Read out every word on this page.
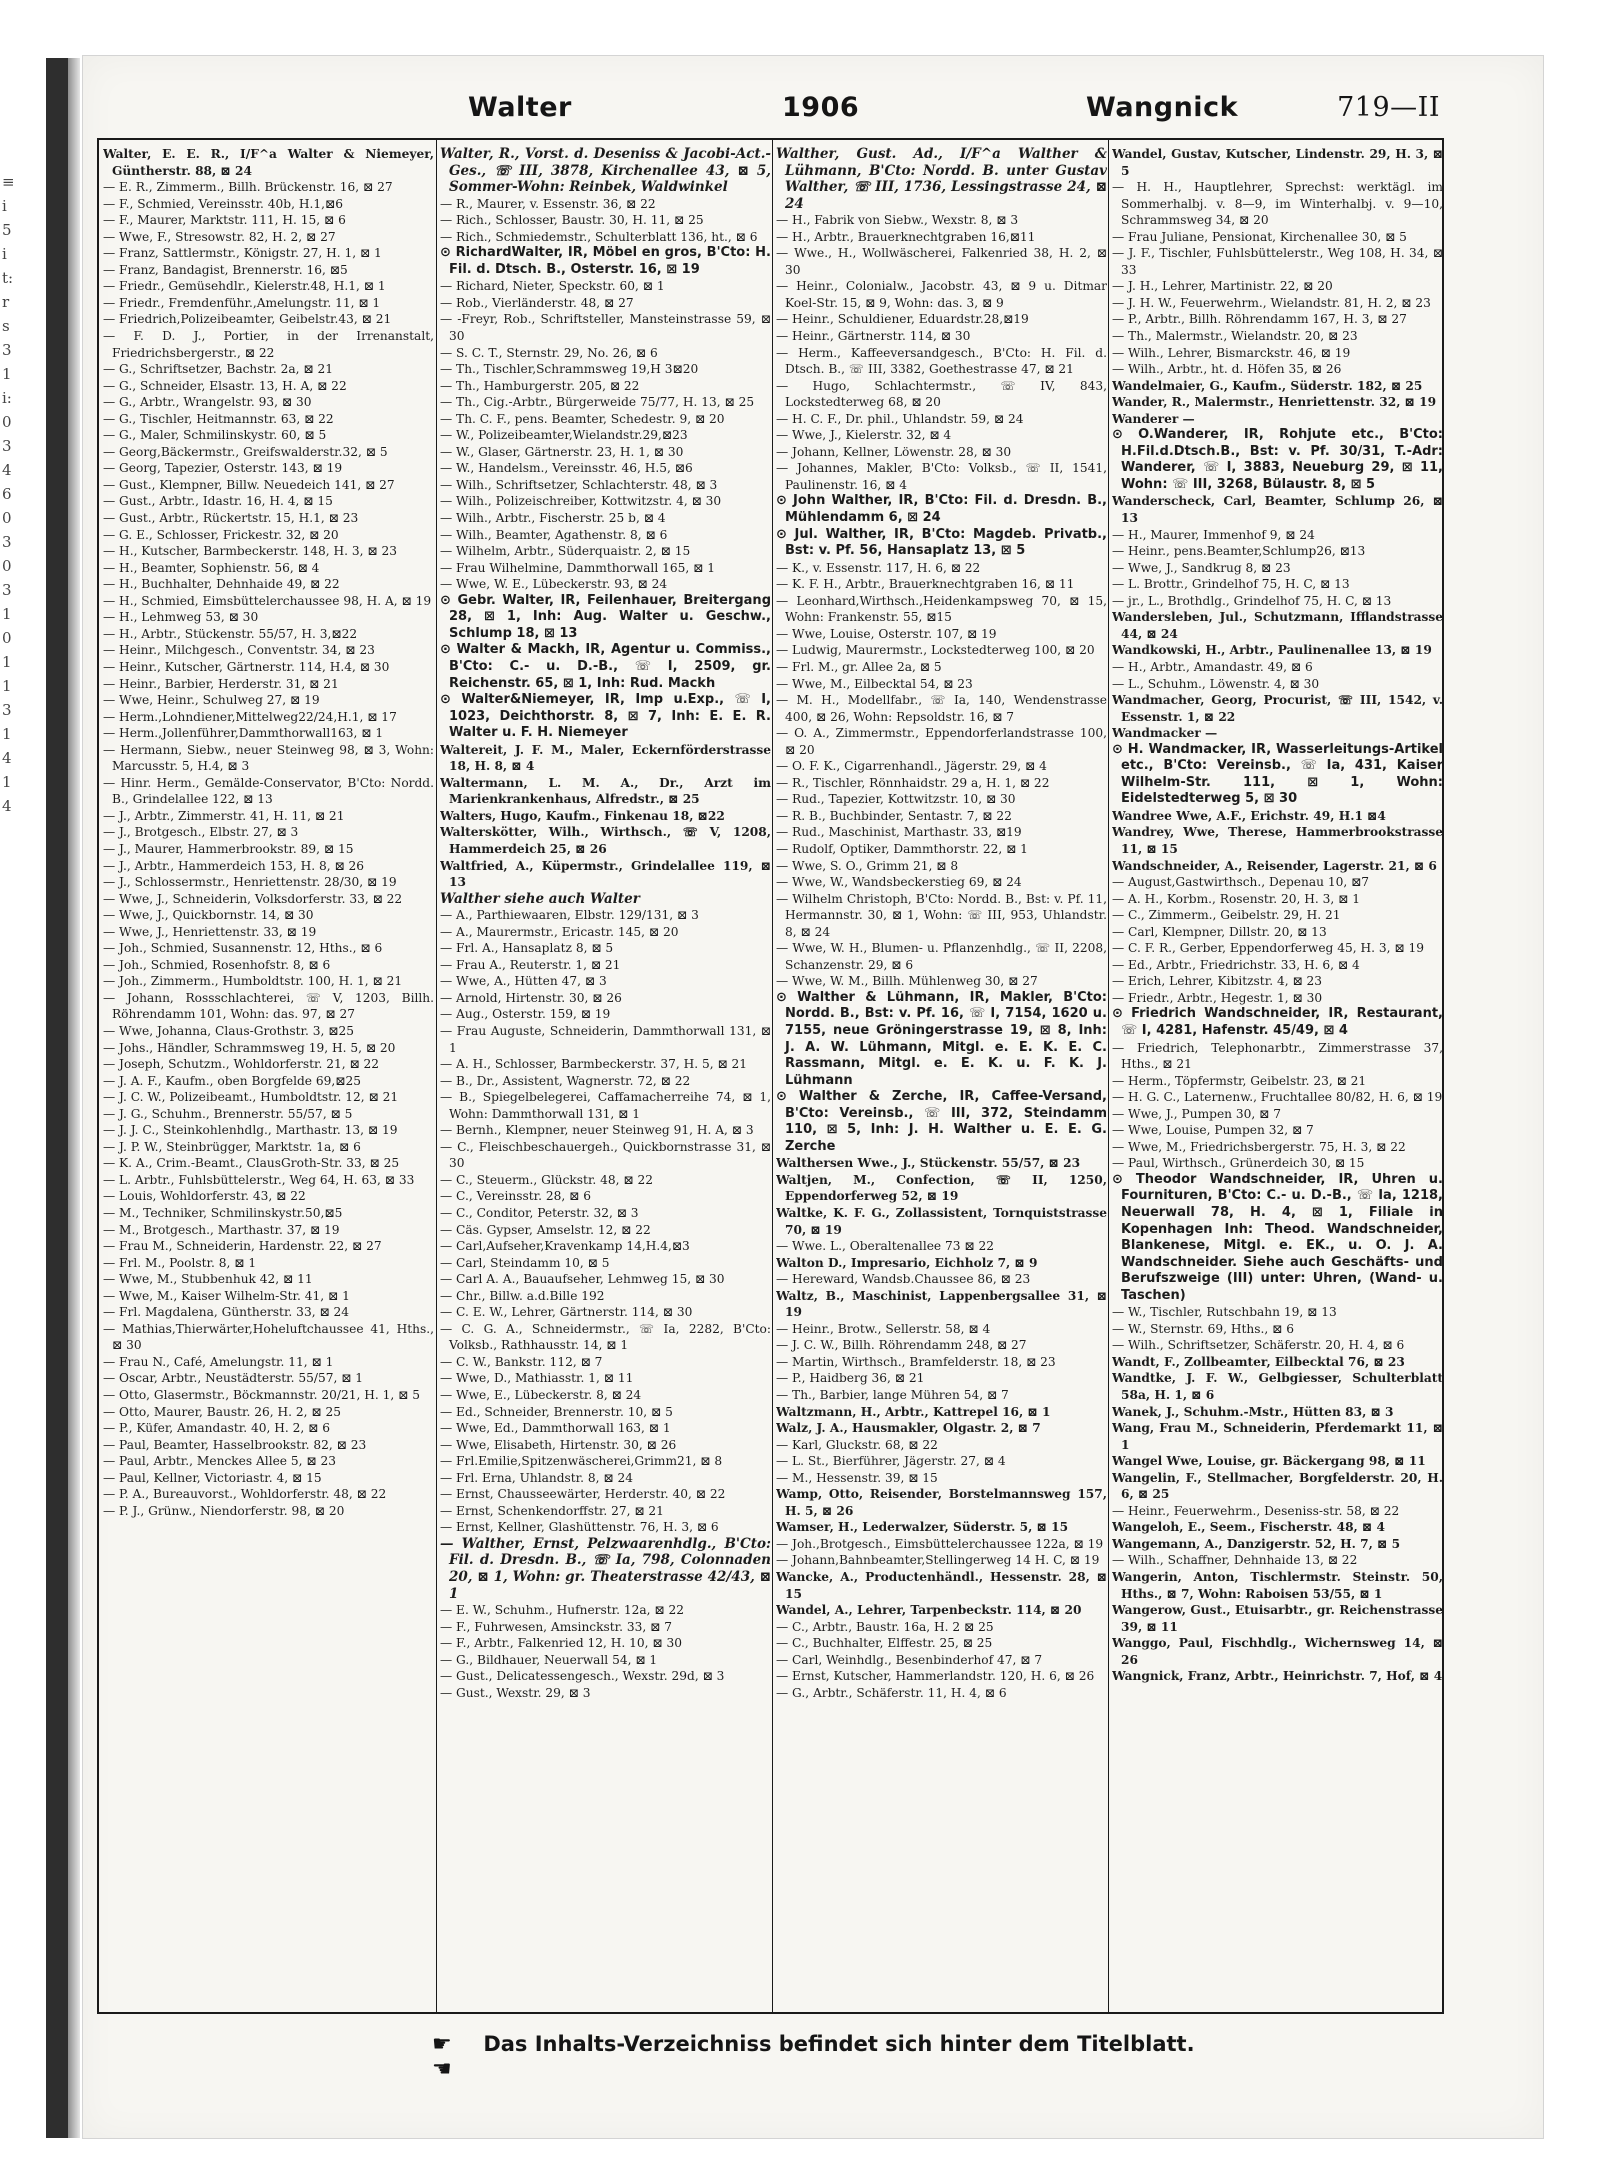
≡
i
5
i
t:
r
s
3
1
i:
0
3
4
6
0
3
0
3
1
0
1
1
3
1
4
1
4
Walter	1906	Wangnick	719—II

Walter, E. E. R., I/F^a Walter & Niemeyer, Güntherstr. 88, ⊠ 24

— E. R., Zimmerm., Billh. Brückenstr. 16, ⊠ 27

— F., Schmied, Vereinsstr. 40b, H.1,⊠6

— F., Maurer, Marktstr. 111, H. 15, ⊠ 6

— Wwe, F., Stresowstr. 82, H. 2, ⊠ 27

— Franz, Sattlermstr., Königstr. 27, H. 1, ⊠ 1

— Franz, Bandagist, Brennerstr. 16, ⊠5

— Friedr., Gemüsehdlr., Kielerstr.48, H.1, ⊠ 1

— Friedr., Fremdenführ.,Amelungstr. 11, ⊠ 1

— Friedrich,Polizeibeamter, Geibelstr.43, ⊠ 21

— F. D. J., Portier, in der Irrenanstalt, Friedrichsbergerstr., ⊠ 22

— G., Schriftsetzer, Bachstr. 2a, ⊠ 21

— G., Schneider, Elsastr. 13, H. A, ⊠ 22

— G., Arbtr., Wrangelstr. 93, ⊠ 30

— G., Tischler, Heitmannstr. 63, ⊠ 22

— G., Maler, Schmilinskystr. 60, ⊠ 5

— Georg,Bäckermstr., Greifswalderstr.32, ⊠ 5

— Georg, Tapezier, Osterstr. 143, ⊠ 19

— Gust., Klempner, Billw. Neuedeich 141, ⊠ 27

— Gust., Arbtr., Idastr. 16, H. 4, ⊠ 15

— Gust., Arbtr., Rückertstr. 15, H.1, ⊠ 23

— G. E., Schlosser, Frickestr. 32, ⊠ 20

— H., Kutscher, Barmbeckerstr. 148, H. 3, ⊠ 23

— H., Beamter, Sophienstr. 56, ⊠ 4

— H., Buchhalter, Dehnhaide 49, ⊠ 22

— H., Schmied, Eimsbüttelerchaussee 98, H. A, ⊠ 19

— H., Lehmweg 53, ⊠ 30

— H., Arbtr., Stückenstr. 55/57, H. 3,⊠22

— Heinr., Milchgesch., Conventstr. 34, ⊠ 23

— Heinr., Kutscher, Gärtnerstr. 114, H.4, ⊠ 30

— Heinr., Barbier, Herderstr. 31, ⊠ 21

— Wwe, Heinr., Schulweg 27, ⊠ 19

— Herm.,Lohndiener,Mittelweg22/24,H.1, ⊠ 17

— Herm.,Jollenführer,Dammthorwall163, ⊠ 1

— Hermann, Siebw., neuer Steinweg 98, ⊠ 3, Wohn: Marcusstr. 5, H.4, ⊠ 3

— Hinr. Herm., Gemälde-Conservator, B'Cto: Nordd. B., Grindelallee 122, ⊠ 13

— J., Arbtr., Zimmerstr. 41, H. 11, ⊠ 21

— J., Brotgesch., Elbstr. 27, ⊠ 3

— J., Maurer, Hammerbrookstr. 89, ⊠ 15

— J., Arbtr., Hammerdeich 153, H. 8, ⊠ 26

— J., Schlossermstr., Henriettenstr. 28/30, ⊠ 19

— Wwe, J., Schneiderin, Volksdorferstr. 33, ⊠ 22

— Wwe, J., Quickbornstr. 14, ⊠ 30

— Wwe, J., Henriettenstr. 33, ⊠ 19

— Joh., Schmied, Susannenstr. 12, Hths., ⊠ 6

— Joh., Schmied, Rosenhofstr. 8, ⊠ 6

— Joh., Zimmerm., Humboldtstr. 100, H. 1, ⊠ 21

— Johann, Rossschlachterei, ☏ V, 1203, Billh. Röhrendamm 101, Wohn: das. 97, ⊠ 27

— Wwe, Johanna, Claus-Grothstr. 3, ⊠25

— Johs., Händler, Schrammsweg 19, H. 5, ⊠ 20

— Joseph, Schutzm., Wohldorferstr. 21, ⊠ 22

— J. A. F., Kaufm., oben Borgfelde 69,⊠25

— J. C. W., Polizeibeamt., Humboldtstr. 12, ⊠ 21

— J. G., Schuhm., Brennerstr. 55/57, ⊠ 5

— J. J. C., Steinkohlenhdlg., Marthastr. 13, ⊠ 19

— J. P. W., Steinbrügger, Marktstr. 1a, ⊠ 6

— K. A., Crim.-Beamt., ClausGroth-Str. 33, ⊠ 25

— L. Arbtr., Fuhlsbüttelerstr., Weg 64, H. 63, ⊠ 33

— Louis, Wohldorferstr. 43, ⊠ 22

— M., Techniker, Schmilinskystr.50,⊠5

— M., Brotgesch., Marthastr. 37, ⊠ 19

— Frau M., Schneiderin, Hardenstr. 22, ⊠ 27

— Frl. M., Poolstr. 8, ⊠ 1

— Wwe, M., Stubbenhuk 42, ⊠ 11

— Wwe, M., Kaiser Wilhelm-Str. 41, ⊠ 1

— Frl. Magdalena, Güntherstr. 33, ⊠ 24

— Mathias,Thierwärter,Hoheluftchaussee 41, Hths., ⊠ 30

— Frau N., Café, Amelungstr. 11, ⊠ 1

— Oscar, Arbtr., Neustädterstr. 55/57, ⊠ 1

— Otto, Glasermstr., Böckmannstr. 20/21, H. 1, ⊠ 5

— Otto, Maurer, Baustr. 26, H. 2, ⊠ 25

— P., Küfer, Amandastr. 40, H. 2, ⊠ 6

— Paul, Beamter, Hasselbrookstr. 82, ⊠ 23

— Paul, Arbtr., Menckes Allee 5, ⊠ 23

— Paul, Kellner, Victoriastr. 4, ⊠ 15

— P. A., Bureauvorst., Wohldorferstr. 48, ⊠ 22

— P. J., Grünw., Niendorferstr. 98, ⊠ 20

Walter, R., Vorst. d. Deseniss & Jacobi-Act.-Ges., ☏ III, 3878, Kirchenallee 43, ⊠ 5, Sommer-Wohn: Reinbek, Waldwinkel

— R., Maurer, v. Essenstr. 36, ⊠ 22

— Rich., Schlosser, Baustr. 30, H. 11, ⊠ 25

— Rich., Schmiedemstr., Schulterblatt 136, ht., ⊠ 6

⊙ RichardWalter, IR, Möbel en gros, B'Cto: H. Fil. d. Dtsch. B., Osterstr. 16, ⊠ 19

— Richard, Nieter, Speckstr. 60, ⊠ 1

— Rob., Vierländerstr. 48, ⊠ 27

— -Freyr, Rob., Schriftsteller, Mansteinstrasse 59, ⊠ 30

— S. C. T., Sternstr. 29, No. 26, ⊠ 6

— Th., Tischler,Schrammsweg 19,H 3⊠20

— Th., Hamburgerstr. 205, ⊠ 22

— Th., Cig.-Arbtr., Bürgerweide 75/77, H. 13, ⊠ 25

— Th. C. F., pens. Beamter, Schedestr. 9, ⊠ 20

— W., Polizeibeamter,Wielandstr.29,⊠23

— W., Glaser, Gärtnerstr. 23, H. 1, ⊠ 30

— W., Handelsm., Vereinsstr. 46, H.5, ⊠6

— Wilh., Schriftsetzer, Schlachterstr. 48, ⊠ 3

— Wilh., Polizeischreiber, Kottwitzstr. 4, ⊠ 30

— Wilh., Arbtr., Fischerstr. 25 b, ⊠ 4

— Wilh., Beamter, Agathenstr. 8, ⊠ 6

— Wilhelm, Arbtr., Süderquaistr. 2, ⊠ 15

— Frau Wilhelmine, Dammthorwall 165, ⊠ 1

— Wwe, W. E., Lübeckerstr. 93, ⊠ 24

⊙ Gebr. Walter, IR, Feilenhauer, Breitergang 28, ⊠ 1, Inh: Aug. Walter u. Geschw., Schlump 18, ⊠ 13

⊙ Walter & Mackh, IR, Agentur u. Commiss., B'Cto: C.- u. D.-B., ☏ I, 2509, gr. Reichenstr. 65, ⊠ 1, Inh: Rud. Mackh

⊙ Walter&Niemeyer, IR, Imp u.Exp., ☏ I, 1023, Deichthorstr. 8, ⊠ 7, Inh: E. E. R. Walter u. F. H. Niemeyer

Waltereit, J. F. M., Maler, Eckernförderstrasse 18, H. 8, ⊠ 4

Waltermann, L. M. A., Dr., Arzt im Marienkrankenhaus, Alfredstr., ⊠ 25

Walters, Hugo, Kaufm., Finkenau 18, ⊠22

Walterskötter, Wilh., Wirthsch., ☏ V, 1208, Hammerdeich 25, ⊠ 26

Waltfried, A., Küpermstr., Grindelallee 119, ⊠ 13

Walther siehe auch Walter

— A., Parthiewaaren, Elbstr. 129/131, ⊠ 3

— A., Maurermstr., Ericastr. 145, ⊠ 20

— Frl. A., Hansaplatz 8, ⊠ 5

— Frau A., Reuterstr. 1, ⊠ 21

— Wwe, A., Hütten 47, ⊠ 3

— Arnold, Hirtenstr. 30, ⊠ 26

— Aug., Osterstr. 159, ⊠ 19

— Frau Auguste, Schneiderin, Dammthorwall 131, ⊠ 1

— A. H., Schlosser, Barmbeckerstr. 37, H. 5, ⊠ 21

— B., Dr., Assistent, Wagnerstr. 72, ⊠ 22

— B., Spiegelbelegerei, Caffamacherreihe 74, ⊠ 1, Wohn: Dammthorwall 131, ⊠ 1

— Bernh., Klempner, neuer Steinweg 91, H. A, ⊠ 3

— C., Fleischbeschauergeh., Quickbornstrasse 31, ⊠ 30

— C., Steuerm., Glückstr. 48, ⊠ 22

— C., Vereinsstr. 28, ⊠ 6

— C., Conditor, Peterstr. 32, ⊠ 3

— Cäs. Gypser, Amselstr. 12, ⊠ 22

— Carl,Aufseher,Kravenkamp 14,H.4,⊠3

— Carl, Steindamm 10, ⊠ 5

— Carl A. A., Bauaufseher, Lehmweg 15, ⊠ 30

— Chr., Billw. a.d.Bille 192

— C. E. W., Lehrer, Gärtnerstr. 114, ⊠ 30

— C. G. A., Schneidermstr., ☏ Ia, 2282, B'Cto: Volksb., Rathhausstr. 14, ⊠ 1

— C. W., Bankstr. 112, ⊠ 7

— Wwe, D., Mathiasstr. 1, ⊠ 11

— Wwe, E., Lübeckerstr. 8, ⊠ 24

— Ed., Schneider, Brennerstr. 10, ⊠ 5

— Wwe, Ed., Dammthorwall 163, ⊠ 1

— Wwe, Elisabeth, Hirtenstr. 30, ⊠ 26

— Frl.Emilie,Spitzenwäscherei,Grimm21, ⊠ 8

— Frl. Erna, Uhlandstr. 8, ⊠ 24

— Ernst, Chausseewärter, Herderstr. 40, ⊠ 22

— Ernst, Schenkendorffstr. 27, ⊠ 21

— Ernst, Kellner, Glashüttenstr. 76, H. 3, ⊠ 6

— Walther, Ernst, Pelzwaarenhdlg., B'Cto: Fil. d. Dresdn. B., ☏ Ia, 798, Colonnaden 20, ⊠ 1, Wohn: gr. Theaterstrasse 42/43, ⊠ 1

— E. W., Schuhm., Hufnerstr. 12a, ⊠ 22

— F., Fuhrwesen, Amsinckstr. 33, ⊠ 7

— F., Arbtr., Falkenried 12, H. 10, ⊠ 30

— G., Bildhauer, Neuerwall 54, ⊠ 1

— Gust., Delicatessengesch., Wexstr. 29d, ⊠ 3

— Gust., Wexstr. 29, ⊠ 3

Walther, Gust. Ad., I/F^a Walther & Lühmann, B'Cto: Nordd. B. unter Gustav Walther, ☏ III, 1736, Lessingstrasse 24, ⊠ 24

— H., Fabrik von Siebw., Wexstr. 8, ⊠ 3

— H., Arbtr., Brauerknechtgraben 16,⊠11

— Wwe., H., Wollwäscherei, Falkenried 38, H. 2, ⊠ 30

— Heinr., Colonialw., Jacobstr. 43, ⊠ 9 u. Ditmar Koel-Str. 15, ⊠ 9, Wohn: das. 3, ⊠ 9

— Heinr., Schuldiener, Eduardstr.28,⊠19

— Heinr., Gärtnerstr. 114, ⊠ 30

— Herm., Kaffeeversandgesch., B'Cto: H. Fil. d. Dtsch. B., ☏ III, 3382, Goethestrasse 47, ⊠ 21

— Hugo, Schlachtermstr., ☏ IV, 843, Lockstedterweg 68, ⊠ 20

— H. C. F., Dr. phil., Uhlandstr. 59, ⊠ 24

— Wwe, J., Kielerstr. 32, ⊠ 4

— Johann, Kellner, Löwenstr. 28, ⊠ 30

— Johannes, Makler, B'Cto: Volksb., ☏ II, 1541, Paulinenstr. 16, ⊠ 4

⊙ John Walther, IR, B'Cto: Fil. d. Dresdn. B., Mühlendamm 6, ⊠ 24

⊙ Jul. Walther, IR, B'Cto: Magdeb. Privatb., Bst: v. Pf. 56, Hansaplatz 13, ⊠ 5

— K., v. Essenstr. 117, H. 6, ⊠ 22

— K. F. H., Arbtr., Brauerknechtgraben 16, ⊠ 11

— Leonhard,Wirthsch.,Heidenkampsweg 70, ⊠ 15, Wohn: Frankenstr. 55, ⊠15

— Wwe, Louise, Osterstr. 107, ⊠ 19

— Ludwig, Maurermstr., Lockstedterweg 100, ⊠ 20

— Frl. M., gr. Allee 2a, ⊠ 5

— Wwe, M., Eilbecktal 54, ⊠ 23

— M. H., Modellfabr., ☏ Ia, 140, Wendenstrasse 400, ⊠ 26, Wohn: Repsoldstr. 16, ⊠ 7

— O. A., Zimmermstr., Eppendorferlandstrasse 100, ⊠ 20

— O. F. K., Cigarrenhandl., Jägerstr. 29, ⊠ 4

— R., Tischler, Rönnhaidstr. 29 a, H. 1, ⊠ 22

— Rud., Tapezier, Kottwitzstr. 10, ⊠ 30

— R. B., Buchbinder, Sentastr. 7, ⊠ 22

— Rud., Maschinist, Marthastr. 33, ⊠19

— Rudolf, Optiker, Dammthorstr. 22, ⊠ 1

— Wwe, S. O., Grimm 21, ⊠ 8

— Wwe, W., Wandsbeckerstieg 69, ⊠ 24

— Wilhelm Christoph, B'Cto: Nordd. B., Bst: v. Pf. 11, Hermannstr. 30, ⊠ 1, Wohn: ☏ III, 953, Uhlandstr. 8, ⊠ 24

— Wwe, W. H., Blumen- u. Pflanzenhdlg., ☏ II, 2208, Schanzenstr. 29, ⊠ 6

— Wwe, W. M., Billh. Mühlenweg 30, ⊠ 27

⊙ Walther & Lühmann, IR, Makler, B'Cto: Nordd. B., Bst: v. Pf. 16, ☏ I, 7154, 1620 u. 7155, neue Gröningerstrasse 19, ⊠ 8, Inh: J. A. W. Lühmann, Mitgl. e. E. K. E. C. Rassmann, Mitgl. e. E. K. u. F. K. J. Lühmann

⊙ Walther & Zerche, IR, Caffee-Versand, B'Cto: Vereinsb., ☏ III, 372, Steindamm 110, ⊠ 5, Inh: J. H. Walther u. E. E. G. Zerche

Walthersen Wwe., J., Stückenstr. 55/57, ⊠ 23

Waltjen, M., Confection, ☏ II, 1250, Eppendorferweg 52, ⊠ 19

Waltke, K. F. G., Zollassistent, Tornquiststrasse 70, ⊠ 19

— Wwe. L., Oberaltenallee 73 ⊠ 22

Walton D., Impresario, Eichholz 7, ⊠ 9

— Hereward, Wandsb.Chaussee 86, ⊠ 23

Waltz, B., Maschinist, Lappenbergsallee 31, ⊠ 19

— Heinr., Brotw., Sellerstr. 58, ⊠ 4

— J. C. W., Billh. Röhrendamm 248, ⊠ 27

— Martin, Wirthsch., Bramfelderstr. 18, ⊠ 23

— P., Haidberg 36, ⊠ 21

— Th., Barbier, lange Mühren 54, ⊠ 7

Waltzmann, H., Arbtr., Kattrepel 16, ⊠ 1

Walz, J. A., Hausmakler, Olgastr. 2, ⊠ 7

— Karl, Gluckstr. 68, ⊠ 22

— L. St., Bierführer, Jägerstr. 27, ⊠ 4

— M., Hessenstr. 39, ⊠ 15

Wamp, Otto, Reisender, Borstelmannsweg 157, H. 5, ⊠ 26

Wamser, H., Lederwalzer, Süderstr. 5, ⊠ 15

— Joh.,Brotgesch., Eimsbüttelerchaussee 122a, ⊠ 19

— Johann,Bahnbeamter,Stellingerweg 14 H. C, ⊠ 19

Wancke, A., Productenhändl., Hessenstr. 28, ⊠ 15

Wandel, A., Lehrer, Tarpenbeckstr. 114, ⊠ 20

— C., Arbtr., Baustr. 16a, H. 2 ⊠ 25

— C., Buchhalter, Elffestr. 25, ⊠ 25

— Carl, Weinhdlg., Besenbinderhof 47, ⊠ 7

— Ernst, Kutscher, Hammerlandstr. 120, H. 6, ⊠ 26

— G., Arbtr., Schäferstr. 11, H. 4, ⊠ 6

Wandel, Gustav, Kutscher, Lindenstr. 29, H. 3, ⊠ 5

— H. H., Hauptlehrer, Sprechst: werktägl. im Sommerhalbj. v. 8—9, im Winterhalbj. v. 9—10, Schrammsweg 34, ⊠ 20

— Frau Juliane, Pensionat, Kirchenallee 30, ⊠ 5

— J. F., Tischler, Fuhlsbüttelerstr., Weg 108, H. 34, ⊠ 33

— J. H., Lehrer, Martinistr. 22, ⊠ 20

— J. H. W., Feuerwehrm., Wielandstr. 81, H. 2, ⊠ 23

— P., Arbtr., Billh. Röhrendamm 167, H. 3, ⊠ 27

— Th., Malermstr., Wielandstr. 20, ⊠ 23

— Wilh., Lehrer, Bismarckstr. 46, ⊠ 19

— Wilh., Arbtr., ht. d. Höfen 35, ⊠ 26

Wandelmaier, G., Kaufm., Süderstr. 182, ⊠ 25

Wander, R., Malermstr., Henriettenstr. 32, ⊠ 19

Wanderer —

⊙ O.Wanderer, IR, Rohjute etc., B'Cto: H.Fil.d.Dtsch.B., Bst: v. Pf. 30/31, T.-Adr: Wanderer, ☏ I, 3883, Neueburg 29, ⊠ 11, Wohn: ☏ III, 3268, Bülaustr. 8, ⊠ 5

Wanderscheck, Carl, Beamter, Schlump 26, ⊠ 13

— H., Maurer, Immenhof 9, ⊠ 24

— Heinr., pens.Beamter,Schlump26, ⊠13

— Wwe, J., Sandkrug 8, ⊠ 23

— L. Brottr., Grindelhof 75, H. C, ⊠ 13

— jr., L., Brothdlg., Grindelhof 75, H. C, ⊠ 13

Wandersleben, Jul., Schutzmann, Ifflandstrasse 44, ⊠ 24

Wandkowski, H., Arbtr., Paulinenallee 13, ⊠ 19

— H., Arbtr., Amandastr. 49, ⊠ 6

— L., Schuhm., Löwenstr. 4, ⊠ 30

Wandmacher, Georg, Procurist, ☏ III, 1542, v. Essenstr. 1, ⊠ 22

Wandmacker —

⊙ H. Wandmacker, IR, Wasserleitungs-Artikel etc., B'Cto: Vereinsb., ☏ Ia, 431, Kaiser Wilhelm-Str. 111, ⊠ 1, Wohn: Eidelstedterweg 5, ⊠ 30

Wandree Wwe, A.F., Erichstr. 49, H.1 ⊠4

Wandrey, Wwe, Therese, Hammerbrookstrasse 11, ⊠ 15

Wandschneider, A., Reisender, Lagerstr. 21, ⊠ 6

— August,Gastwirthsch., Depenau 10, ⊠7

— A. H., Korbm., Rosenstr. 20, H. 3, ⊠ 1

— C., Zimmerm., Geibelstr. 29, H. 21

— Carl, Klempner, Dillstr. 20, ⊠ 13

— C. F. R., Gerber, Eppendorferweg 45, H. 3, ⊠ 19

— Ed., Arbtr., Friedrichstr. 33, H. 6, ⊠ 4

— Erich, Lehrer, Kibitzstr. 4, ⊠ 23

— Friedr., Arbtr., Hegestr. 1, ⊠ 30

⊙ Friedrich Wandschneider, IR, Restaurant, ☏ I, 4281, Hafenstr. 45/49, ⊠ 4

— Friedrich, Telephonarbtr., Zimmerstrasse 37, Hths., ⊠ 21

— Herm., Töpfermstr, Geibelstr. 23, ⊠ 21

— H. G. C., Laternenw., Fruchtallee 80/82, H. 6, ⊠ 19

— Wwe, J., Pumpen 30, ⊠ 7

— Wwe, Louise, Pumpen 32, ⊠ 7

— Wwe, M., Friedrichsbergerstr. 75, H. 3, ⊠ 22

— Paul, Wirthsch., Grünerdeich 30, ⊠ 15

⊙ Theodor Wandschneider, IR, Uhren u. Fournituren, B'Cto: C.- u. D.-B., ☏ Ia, 1218, Neuerwall 78, H. 4, ⊠ 1, Filiale in Kopenhagen Inh: Theod. Wandschneider, Blankenese, Mitgl. e. EK., u. O. J. A. Wandschneider. Siehe auch Geschäfts- und Berufszweige (III) unter: Uhren, (Wand- u. Taschen)

— W., Tischler, Rutschbahn 19, ⊠ 13

— W., Sternstr. 69, Hths., ⊠ 6

— Wilh., Schriftsetzer, Schäferstr. 20, H. 4, ⊠ 6

Wandt, F., Zollbeamter, Eilbecktal 76, ⊠ 23

Wandtke, J. F. W., Gelbgiesser, Schulterblatt 58a, H. 1, ⊠ 6

Wanek, J., Schuhm.-Mstr., Hütten 83, ⊠ 3

Wang, Frau M., Schneiderin, Pferdemarkt 11, ⊠ 1

Wangel Wwe, Louise, gr. Bäckergang 98, ⊠ 11

Wangelin, F., Stellmacher, Borgfelderstr. 20, H. 6, ⊠ 25

— Heinr., Feuerwehrm., Deseniss-str. 58, ⊠ 22

Wangeloh, E., Seem., Fischerstr. 48, ⊠ 4

Wangemann, A., Danzigerstr. 52, H. 7, ⊠ 5

— Wilh., Schaffner, Dehnhaide 13, ⊠ 22

Wangerin, Anton, Tischlermstr. Steinstr. 50, Hths., ⊠ 7, Wohn: Raboisen 53/55, ⊠ 1

Wangerow, Gust., Etuisarbtr., gr. Reichenstrasse 39, ⊠ 11

Wanggo, Paul, Fischhdlg., Wichernsweg 14, ⊠ 26

Wangnick, Franz, Arbtr., Heinrichstr. 7, Hof, ⊠ 4

☛ Das Inhalts-Verzeichniss befindet sich hinter dem Titelblatt. ☚
